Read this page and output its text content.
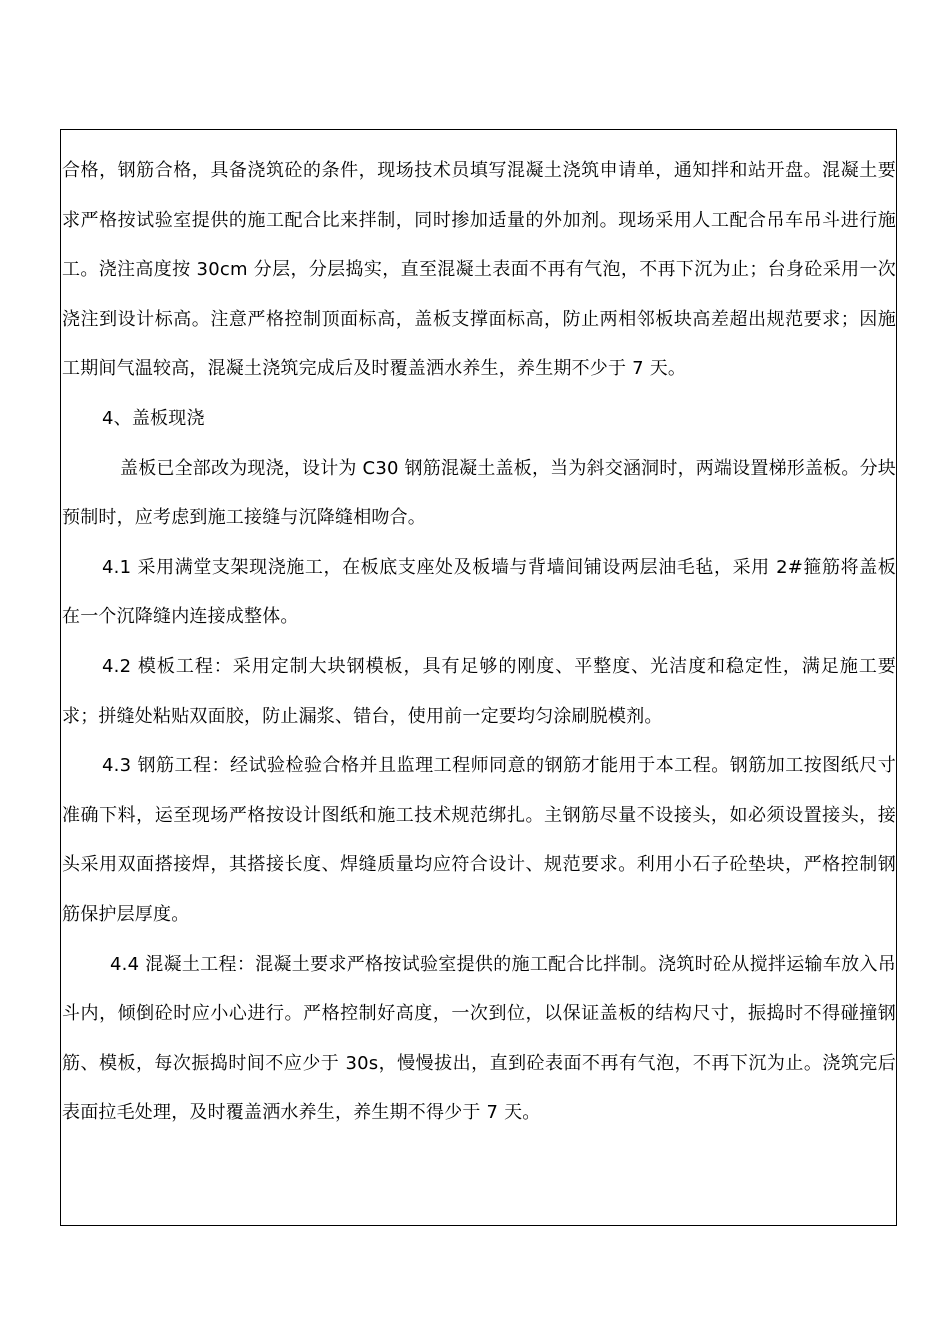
合格，钢筋合格，具备浇筑砼的条件，现场技术员填写混凝土浇筑申请单，通知拌和站开盘。混凝土要求严格按试验室提供的施工配合比来拌制，同时掺加适量的外加剂。现场采用人工配合吊车吊斗进行施工。浇注高度按 30cm 分层，分层捣实，直至混凝土表面不再有气泡，不再下沉为止；台身砼采用一次浇注到设计标高。注意严格控制顶面标高，盖板支撑面标高，防止两相邻板块高差超出规范要求；因施工期间气温较高，混凝土浇筑完成后及时覆盖洒水养生，养生期不少于 7 天。

4、盖板现浇

盖板已全部改为现浇，设计为 C30 钢筋混凝土盖板，当为斜交涵洞时，两端设置梯形盖板。分块预制时，应考虑到施工接缝与沉降缝相吻合。

4.1 采用满堂支架现浇施工，在板底支座处及板墙与背墙间铺设两层油毛毡，采用 2#箍筋将盖板在一个沉降缝内连接成整体。

4.2 模板工程：采用定制大块钢模板，具有足够的刚度、平整度、光洁度和稳定性，满足施工要求；拼缝处粘贴双面胶，防止漏浆、错台，使用前一定要均匀涂刷脱模剂。

4.3 钢筋工程：经试验检验合格并且监理工程师同意的钢筋才能用于本工程。钢筋加工按图纸尺寸准确下料，运至现场严格按设计图纸和施工技术规范绑扎。主钢筋尽量不设接头，如必须设置接头，接头采用双面搭接焊，其搭接长度、焊缝质量均应符合设计、规范要求。利用小石子砼垫块，严格控制钢筋保护层厚度。

4.4 混凝土工程：混凝土要求严格按试验室提供的施工配合比拌制。浇筑时砼从搅拌运输车放入吊斗内，倾倒砼时应小心进行。严格控制好高度，一次到位，以保证盖板的结构尺寸，振捣时不得碰撞钢筋、模板，每次振捣时间不应少于 30s，慢慢拔出，直到砼表面不再有气泡，不再下沉为止。浇筑完后表面拉毛处理，及时覆盖洒水养生，养生期不得少于 7 天。
